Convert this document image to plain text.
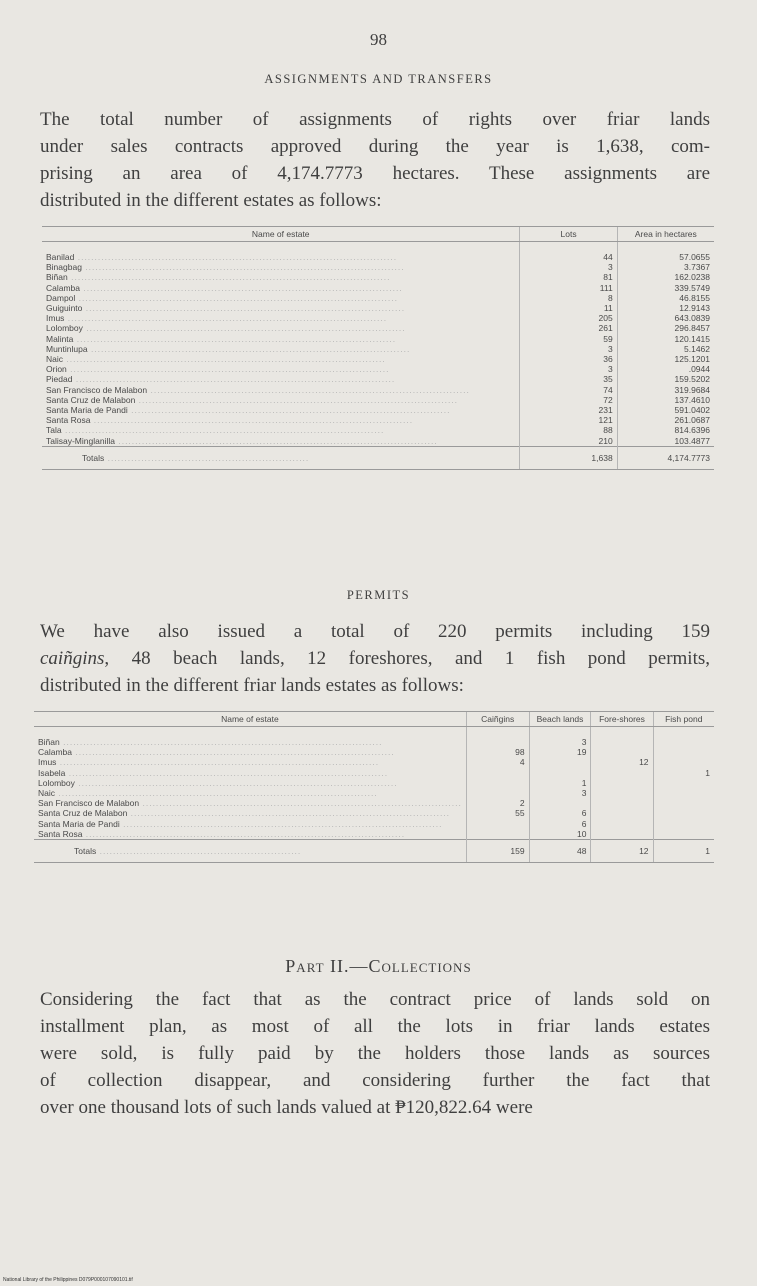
98
ASSIGNMENTS AND TRANSFERS
The total number of assignments of rights over friar lands
under sales contracts approved during the year is 1,638, com-
prising an area of 4,174.7773 hectares. These assignments are
distributed in the different estates as follows:
Name of estate	Lots	Area in hectares
Banilad ...............................................................................................	44	57.0655
Binagbag ...............................................................................................	3	3.7367
Biñan ...............................................................................................	81	162.0238
Calamba ...............................................................................................	111	339.5749
Dampol ...............................................................................................	8	46.8155
Guiguinto ...............................................................................................	11	12.9143
Imus ...............................................................................................	205	643.0839
Lolomboy ...............................................................................................	261	296.8457
Malinta ...............................................................................................	59	120.1415
Muntinlupa ...............................................................................................	3	5.1462
Naic ...............................................................................................	36	125.1201
Orion ...............................................................................................	3	.0944
Piedad ...............................................................................................	35	159.5202
San Francisco de Malabon ...............................................................................................	74	319.9684
Santa Cruz de Malabon ...............................................................................................	72	137.4610
Santa Maria de Pandi ...............................................................................................	231	591.0402
Santa Rosa ...............................................................................................	121	261.0687
Tala ...............................................................................................	88	814.6396
Talisay-Minglanilla ...............................................................................................	210	103.4877
Totals ............................................................	1,638	4,174.7773
PERMITS
We have also issued a total of 220 permits including 159
caiñgins, 48 beach lands, 12 foreshores, and 1 fish pond permits,
distributed in the different friar lands estates as follows:
Name of estate	Caiñgins	Beach lands	Fore-shores	Fish pond
Biñan ...............................................................................................		3		
Calamba ...............................................................................................	98	19		
Imus ...............................................................................................	4		12	
Isabela ...............................................................................................				1
Lolomboy ...............................................................................................		1		
Naic ...............................................................................................		3		
San Francisco de Malabon ...............................................................................................	2			
Santa Cruz de Malabon ...............................................................................................	55	6		
Santa Maria de Pandi ...............................................................................................		6		
Santa Rosa ...............................................................................................		10		
Totals ............................................................	159	48	12	1
Part II.—Collections
Considering the fact that as the contract price of lands sold on
installment plan, as most of all the lots in friar lands estates
were sold, is fully paid by the holders those lands as sources
of collection disappear, and considering further the fact that
over one thousand lots of such lands valued at ₱120,822.64 were
National Library of the Philippines D079P000107090101.tif
